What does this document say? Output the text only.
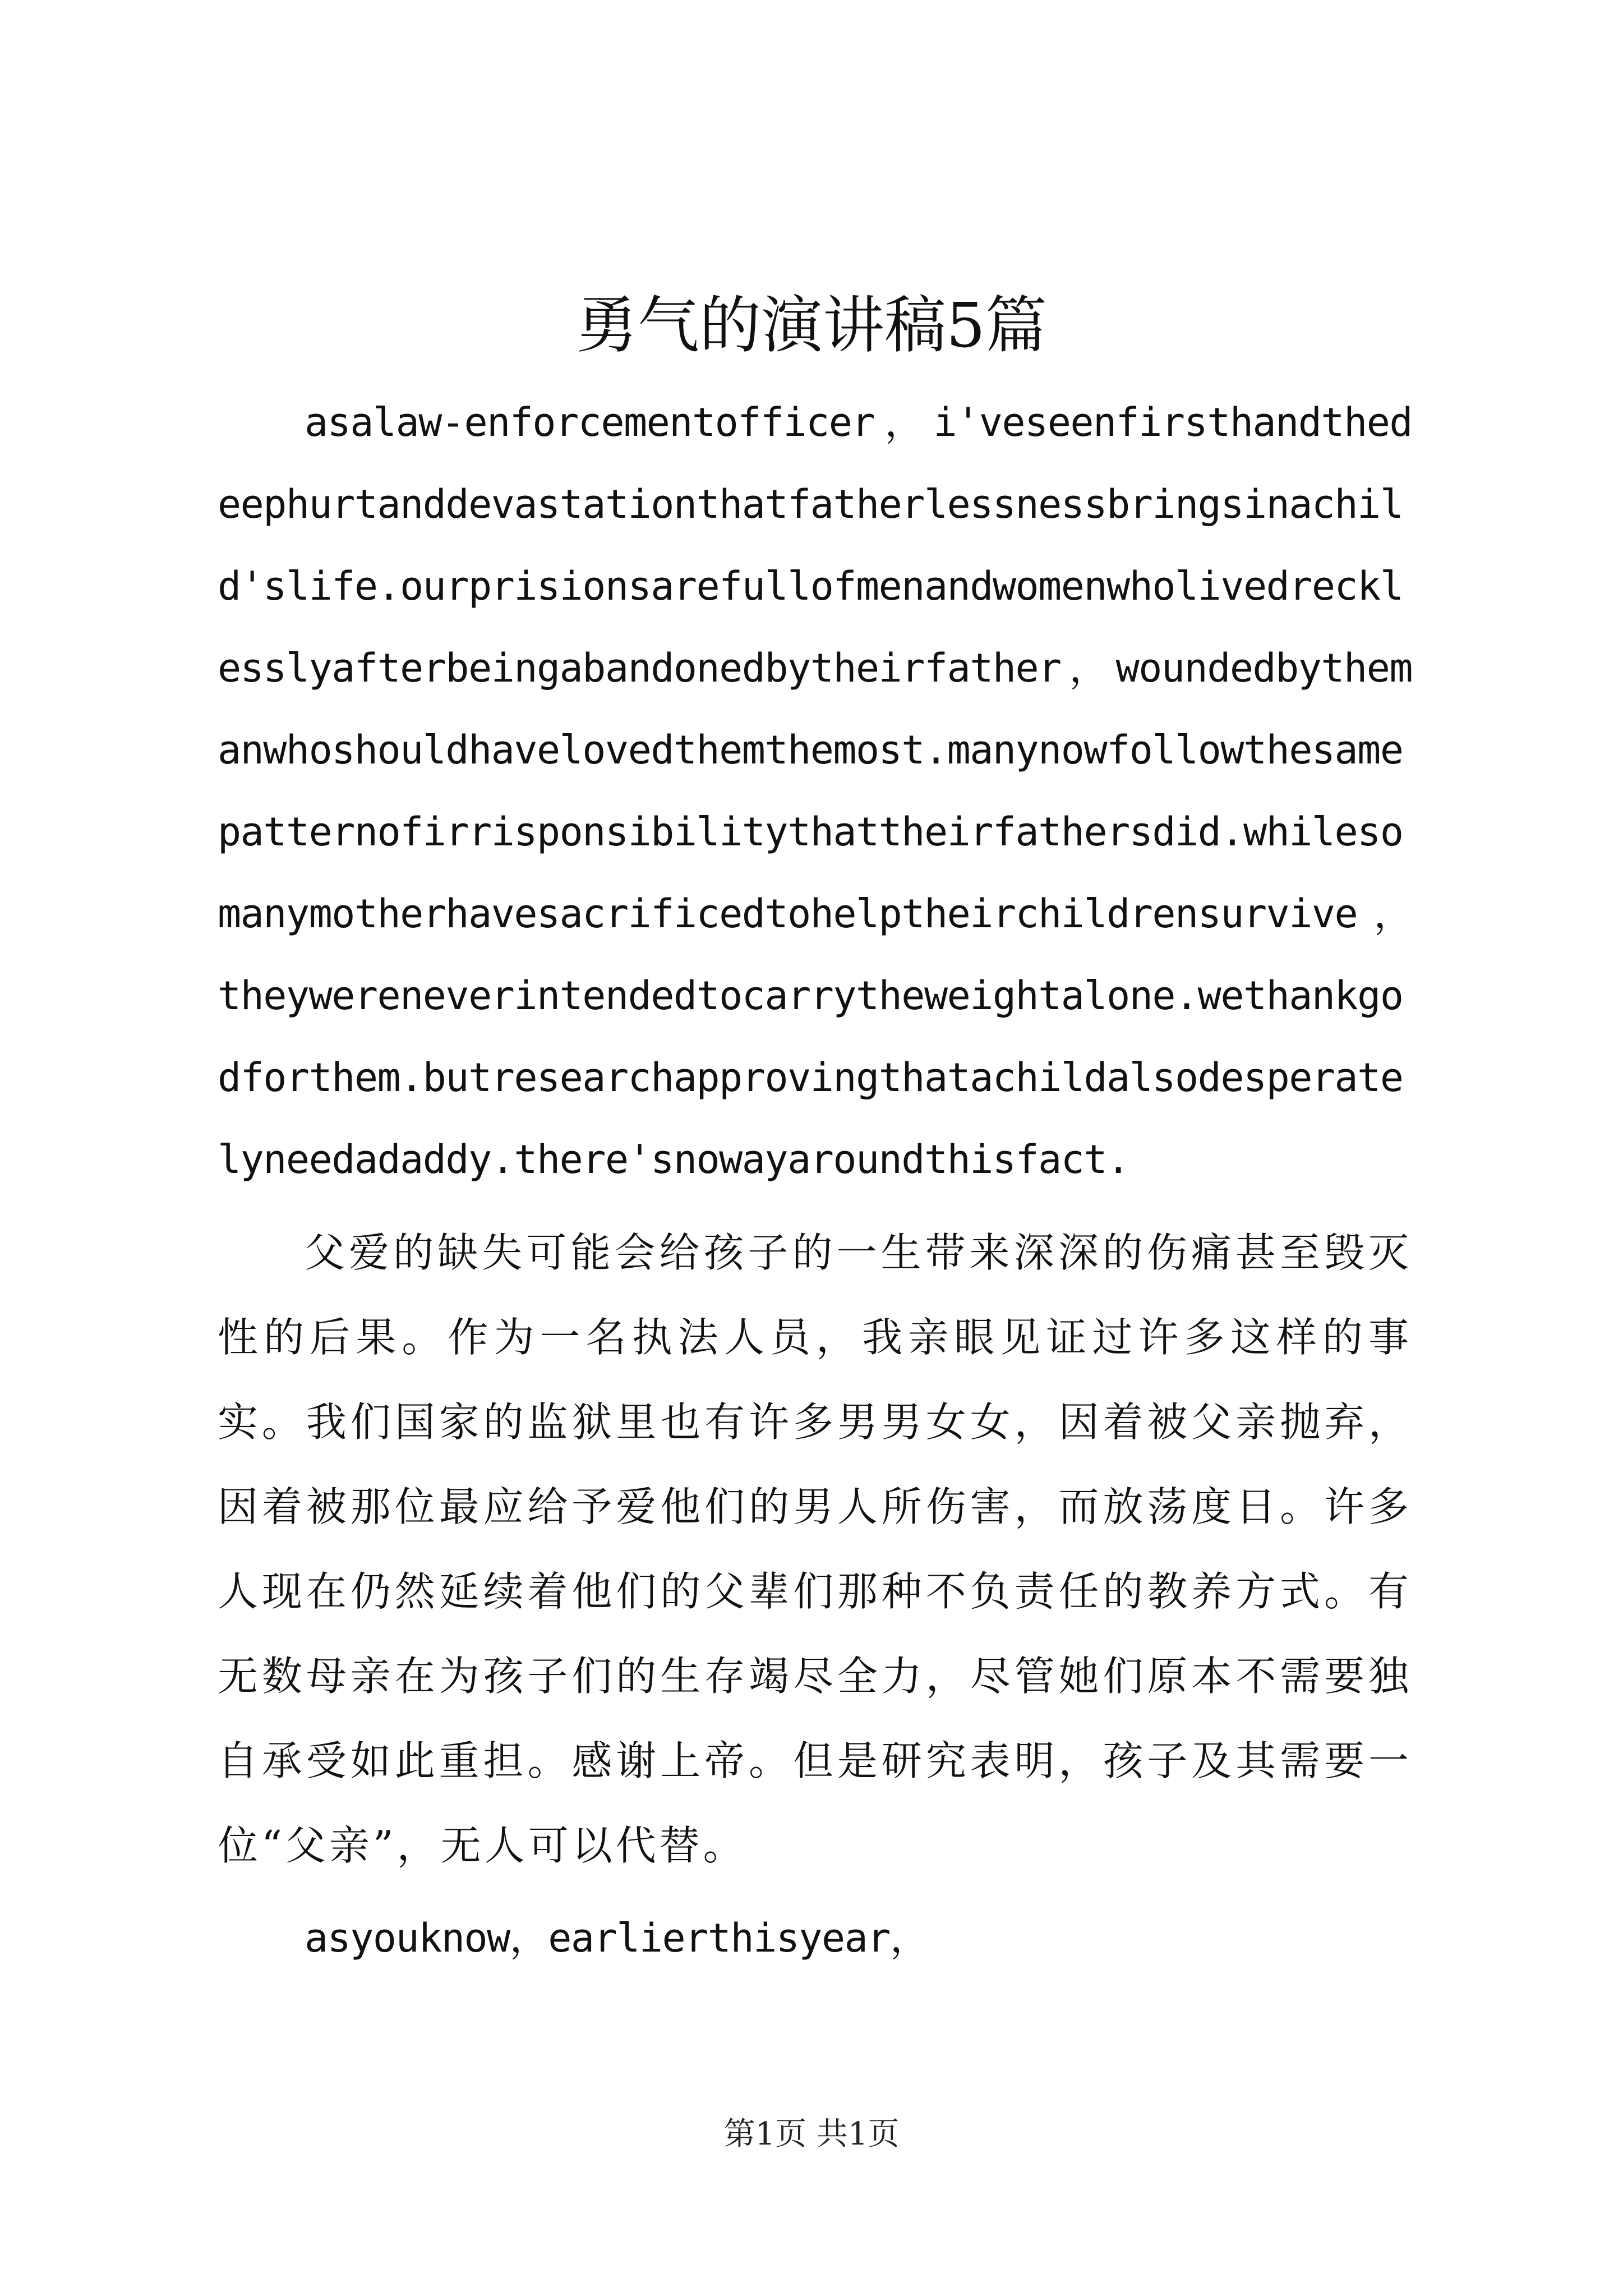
勇气的演讲稿5篇

asalaw-enforcementofficer，i'veseenfirsthandthedeephurtanddevastationthatfatherlessnessbringsinachild'slife.ourprisionsarefullofmenandwomenwholivedrecklesslyafterbeingabandonedbytheirfather，woundedbythemanwhoshouldhavelovedthemthemost.manynowfollowthesamepatternofirrisponsibilitythattheirfathersdid.whilesomanymotherhavesacrificedtohelptheirchildrensurvive，theywereneverintendedtocarrytheweightalone.wethankgodforthem.butresearchapprovingthatachildalsodesperatelyneedadaddy.there'snowayaroundthisfact.

父爱的缺失可能会给孩子的一生带来深深的伤痛甚至毁灭性的后果。作为一名执法人员，我亲眼见证过许多这样的事实。我们国家的监狱里也有许多男男女女，因着被父亲抛弃，因着被那位最应给予爱他们的男人所伤害，而放荡度日。许多人现在仍然延续着他们的父辈们那种不负责任的教养方式。有无数母亲在为孩子们的生存竭尽全力，尽管她们原本不需要独自承受如此重担。感谢上帝。但是研究表明，孩子及其需要一位“父亲”，无人可以代替。

asyouknow，earlierthisyear，

第1页 共1页
